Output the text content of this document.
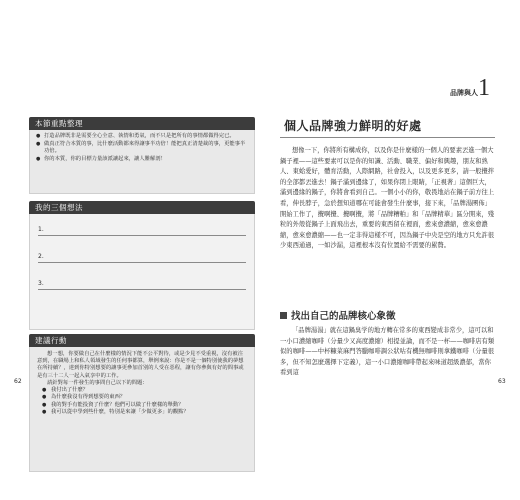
本節重點整理
● 打造品牌既非是需要全心全意、執情和勇氣，而不只是把所有的事情都做得完已。
● 做真正符合本質的事，比什麼活動都來得讓事半功倍！能把真正清楚裁的事，更能事半功倍。
● 你的本質，你的目標力量該派讓起來，讓人難解剖！
我的三個想法
1.
2.
3.
建議行動
想一想，你要做自己在什麼樣的情況下能不公平對待，或是少見不受重視，沒有被注意到，在職場上和私人領域發生的任何事都算，舉例來說：你是不是一個特別使我的夢想在所持續？，達到你特別想要的讓事更參加首別的人受在惡程，讓有你參與有好的問事或是有三十二人一起入氣享中的工作。
請針對每一件發生的事問自己以下的問題：
● 我付出了什麼？
● 為什麼我沒有得到想要的東西？
● 我的對手有能投資了什麼？他們可以做了什麼樣的舉動？
● 我可以從中學到些什麼，特別是來讓「少做更多」的觀點？
62
品牌與人 1
個人品牌強力鮮明的好處
想像一下，你將所有構成你，以及你是什麼樣的一個人的要素丟進一個大鍋子裡——這些要素可以是你的知識、活動、職業、偏好和興趣，朋友和熟人、東蛤愛好，體育活動，人際網路，社會投入，以及更多更多，請一般攪拌的全部都丟進去！鍋子滿到邊緣了，如果你閉上眼睛，「正視著」這個巨大，滿到邊緣的鍋子，你將會看到自己。一個小小的你，敬畏地站在鍋子前方往上看，伸長脖子，急於想知道哪在可能會發生什麼事，接下來，「品牌湯團佈」開始工作了，攪啊攪、攪啊攪，將「品牌糟粕」和「品牌精華」區分開來，殘粒的外殼從鍋子上面飛出去，重要的東西留在裡面，愈來愈濃縮，愈來愈濃縮，愈來愈濃縮——也一定非得這樣不可，因為鍋子中央是空的地方只允許很少東西通過，一如沙漏，這裡根本沒有位置給不需要的累贅。
找出自己的品牌核心象徵
「品牌湯湯」就在這鍋臭学的地方轉在常多的東西變成非常少，這可以和一小口濃縮咖啡（分量少又高度濃縮）相提並論，而不是一杯——咖啡店有類似的咖啡——中杯糠菜麻門答臘咖啡調公狀咕有機無咖啡則拿鐵咖啡（分量很多，但不知怎麼選擇下定義），這一小口濃縮咖啡帶起來味道超級濃郁，當你看到這
63
